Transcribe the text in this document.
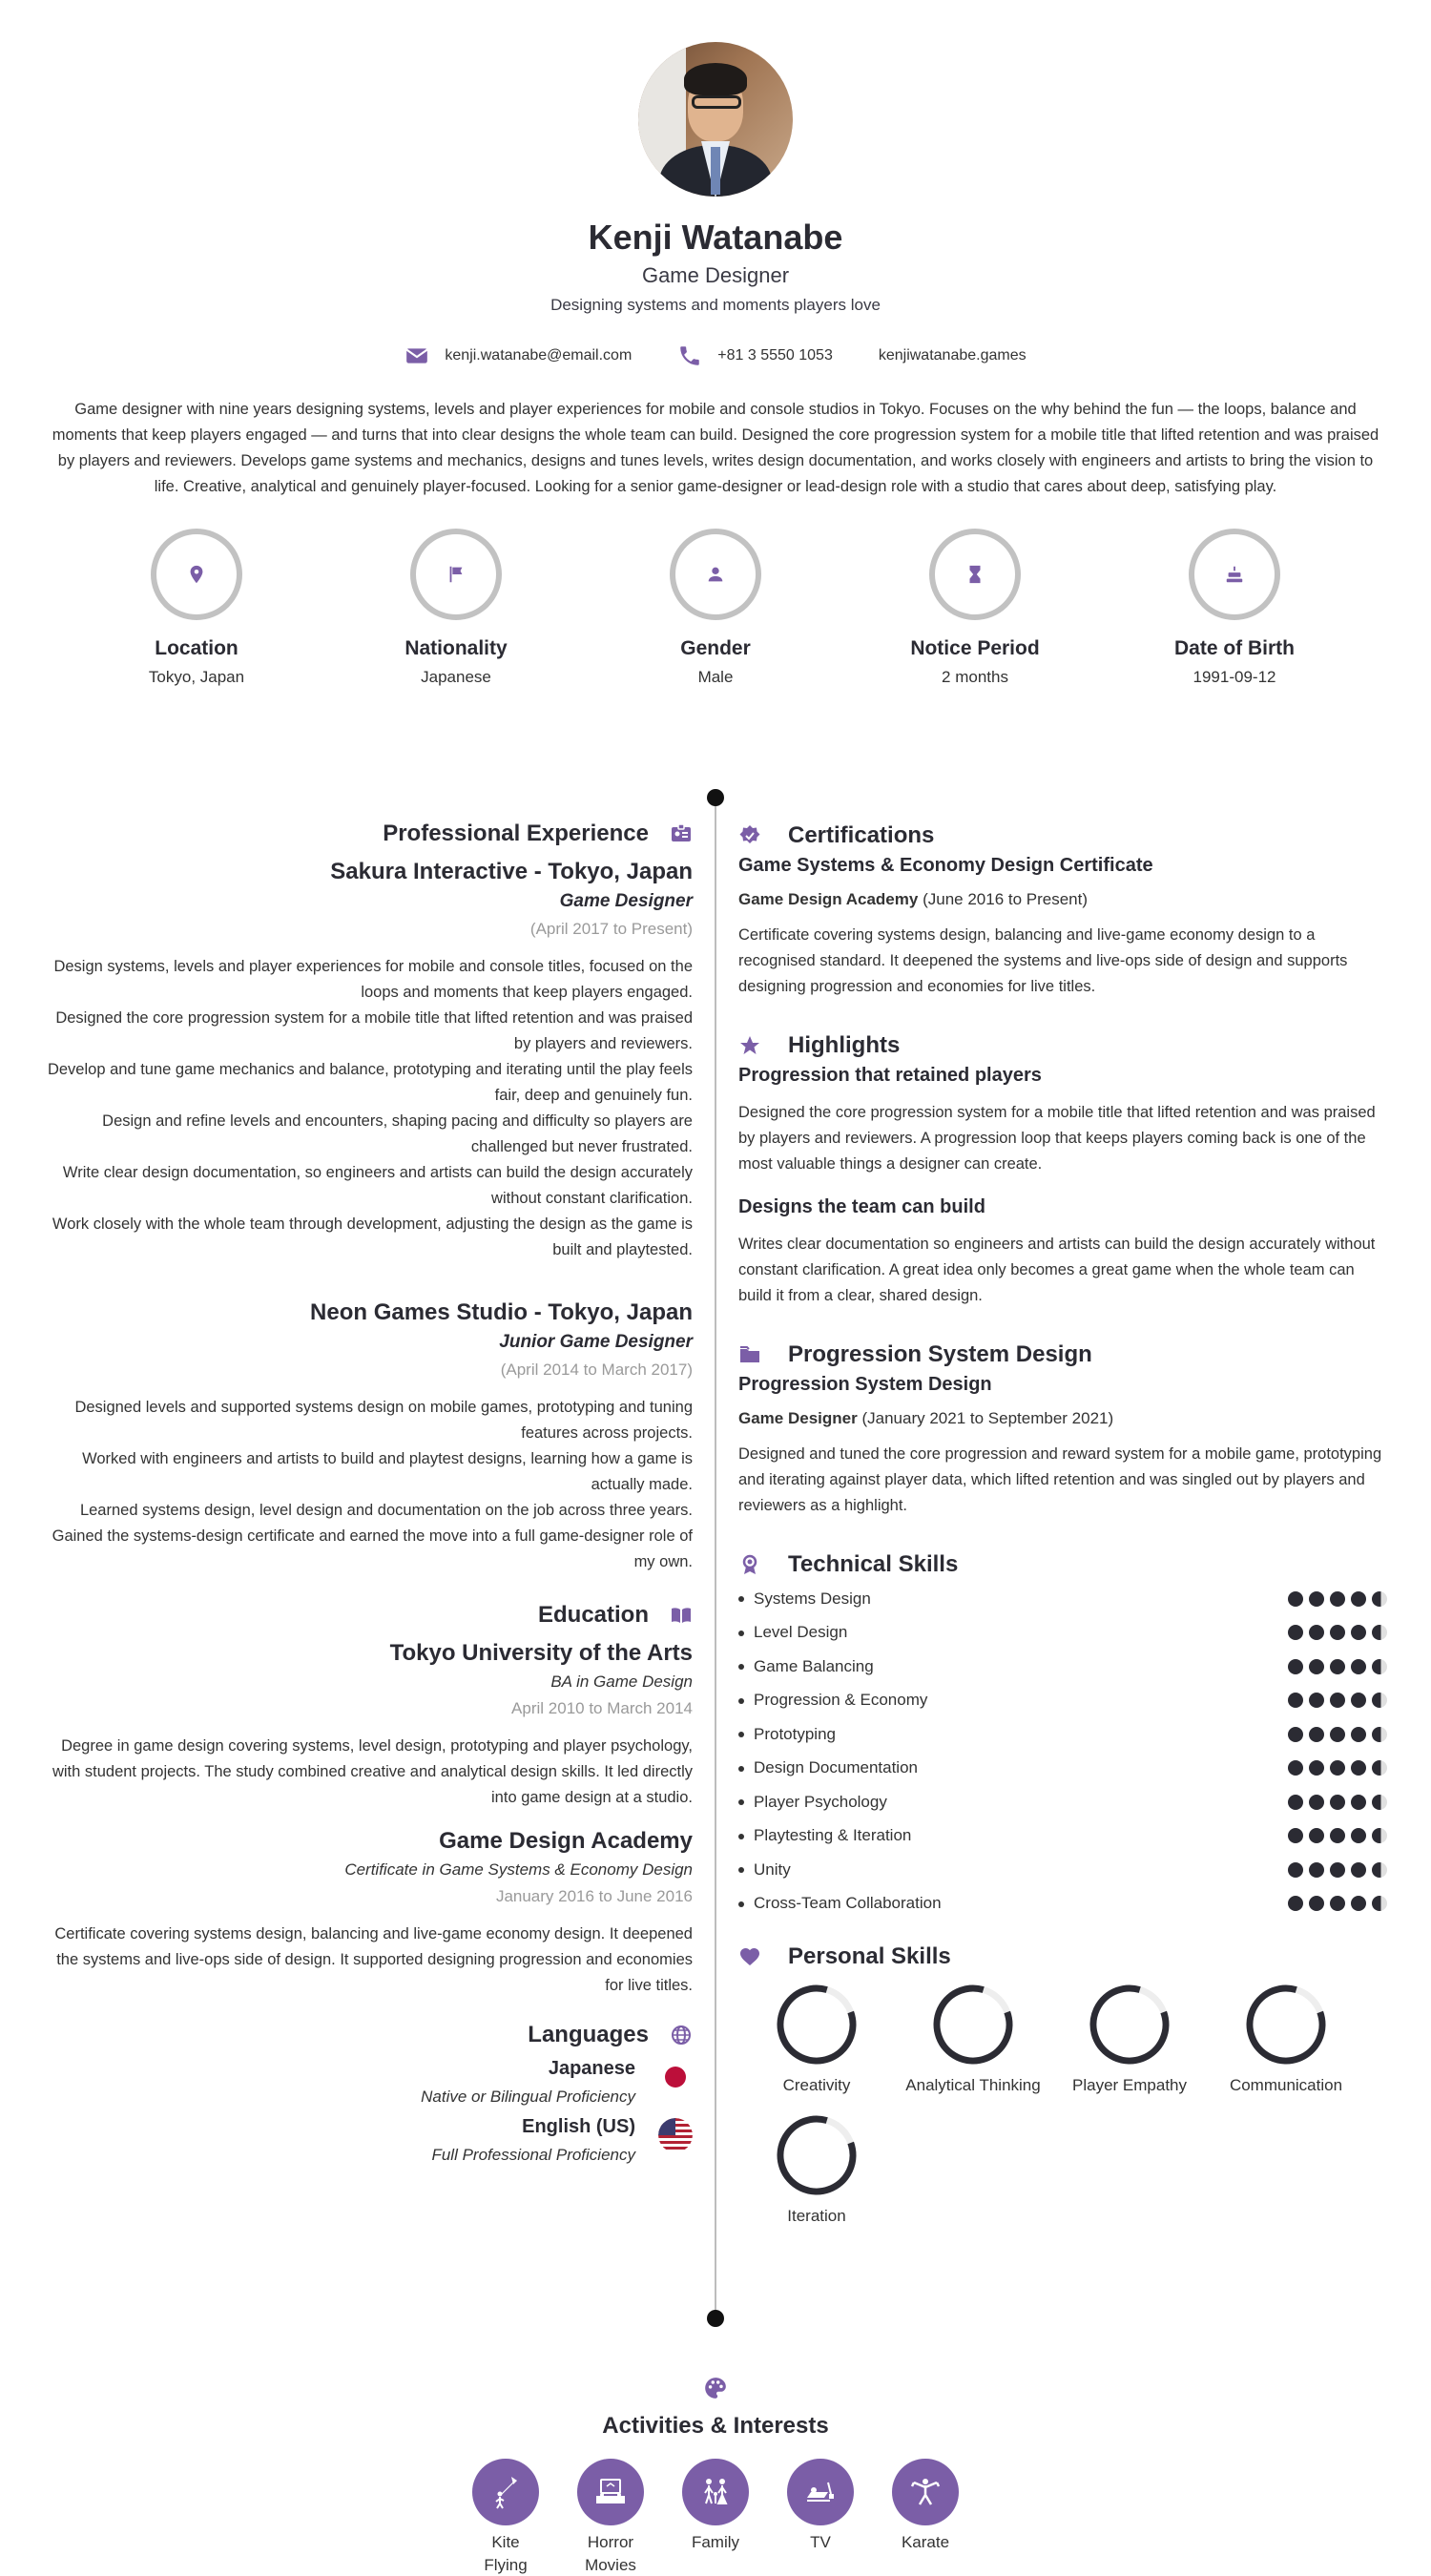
Kenji Watanabe
Game Designer
Designing systems and moments players love
kenji.watanabe@email.com	+81 3 5550 1053	kenjiwatanabe.games
Game designer with nine years designing systems, levels and player experiences for mobile and console studios in Tokyo. Focuses on the why behind the fun — the loops, balance and moments that keep players engaged — and turns that into clear designs the whole team can build. Designed the core progression system for a mobile title that lifted retention and was praised by players and reviewers. Develops game systems and mechanics, designs and tunes levels, writes design documentation, and works closely with engineers and artists to bring the vision to life. Creative, analytical and genuinely player-focused. Looking for a senior game-designer or lead-design role with a studio that cares about deep, satisfying play.
Location
Tokyo, Japan
Nationality
Japanese
Gender
Male
Notice Period
2 months
Date of Birth
1991-09-12
Professional Experience
Sakura Interactive - Tokyo, Japan
Game Designer
(April 2017 to Present)
Design systems, levels and player experiences for mobile and console titles, focused on the loops and moments that keep players engaged.
Designed the core progression system for a mobile title that lifted retention and was praised by players and reviewers.
Develop and tune game mechanics and balance, prototyping and iterating until the play feels fair, deep and genuinely fun.
Design and refine levels and encounters, shaping pacing and difficulty so players are challenged but never frustrated.
Write clear design documentation, so engineers and artists can build the design accurately without constant clarification.
Work closely with the whole team through development, adjusting the design as the game is built and playtested.
Neon Games Studio - Tokyo, Japan
Junior Game Designer
(April 2014 to March 2017)
Designed levels and supported systems design on mobile games, prototyping and tuning features across projects.
Worked with engineers and artists to build and playtest designs, learning how a game is actually made.
Learned systems design, level design and documentation on the job across three years.
Gained the systems-design certificate and earned the move into a full game-designer role of my own.
Education
Tokyo University of the Arts
BA in Game Design
April 2010 to March 2014
Degree in game design covering systems, level design, prototyping and player psychology, with student projects. The study combined creative and analytical design skills. It led directly into game design at a studio.
Game Design Academy
Certificate in Game Systems & Economy Design
January 2016 to June 2016
Certificate covering systems design, balancing and live-game economy design. It deepened the systems and live-ops side of design. It supported designing progression and economies for live titles.
Languages
Japanese
Native or Bilingual Proficiency
English (US)
Full Professional Proficiency
Certifications
Game Systems & Economy Design Certificate
Game Design Academy (June 2016 to Present)
Certificate covering systems design, balancing and live-game economy design to a recognised standard. It deepened the systems and live-ops side of design and supports designing progression and economies for live titles.
Highlights
Progression that retained players
Designed the core progression system for a mobile title that lifted retention and was praised by players and reviewers. A progression loop that keeps players coming back is one of the most valuable things a designer can create.
Designs the team can build
Writes clear documentation so engineers and artists can build the design accurately without constant clarification. A great idea only becomes a great game when the whole team can build it from a clear, shared design.
Progression System Design
Progression System Design
Game Designer (January 2021 to September 2021)
Designed and tuned the core progression and reward system for a mobile game, prototyping and iterating against player data, which lifted retention and was singled out by players and reviewers as a highlight.
Technical Skills
Systems Design
Level Design
Game Balancing
Progression & Economy
Prototyping
Design Documentation
Player Psychology
Playtesting & Iteration
Unity
Cross-Team Collaboration
Personal Skills
Creativity	Analytical Thinking	Player Empathy	Communication
Iteration
Activities & Interests
Kite Flying
Horror Movies
Family	TV	Karate
